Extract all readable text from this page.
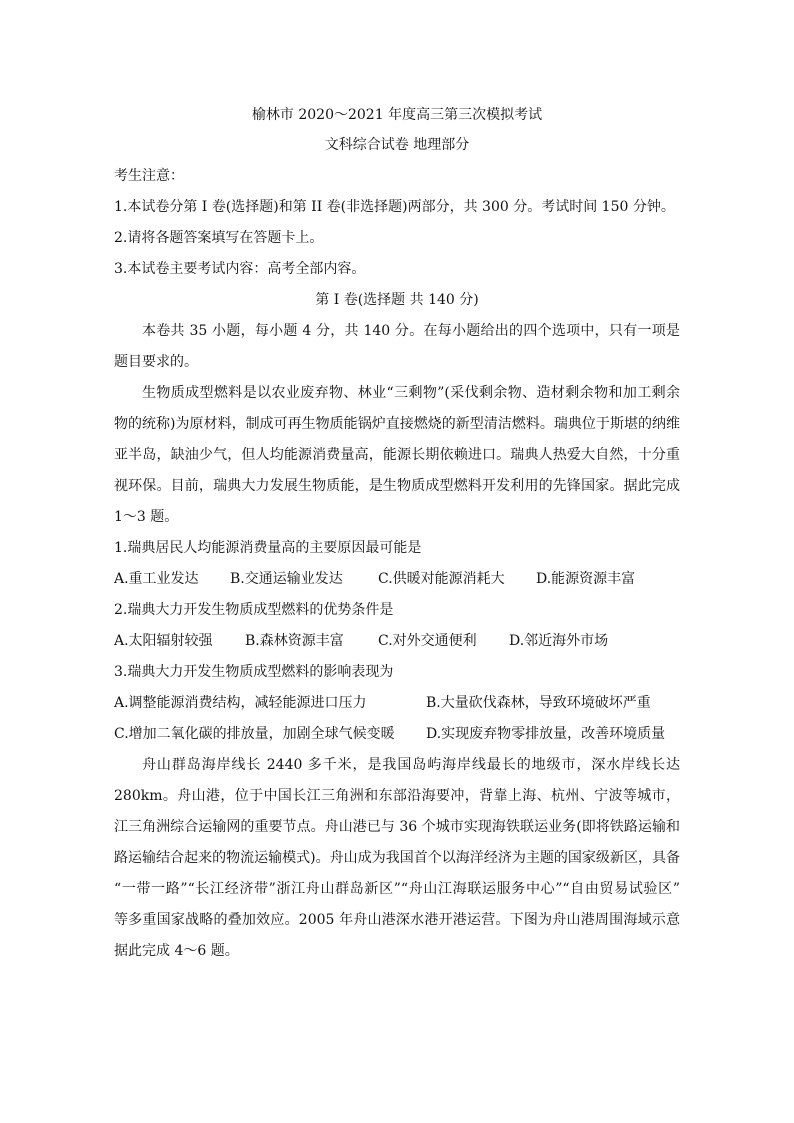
榆林市 2020～2021 年度高三第三次模拟考试
文科综合试卷 地理部分
考生注意：
1.本试卷分第 I 卷(选择题)和第 II 卷(非选择题)两部分，共 300 分。考试时间 150 分钟。
2.请将各题答案填写在答题卡上。
3.本试卷主要考试内容：高考全部内容。
第 I 卷(选择题 共 140 分)
本卷共 35 小题，每小题 4 分，共 140 分。在每小题给出的四个选项中，只有一项是
题目要求的。
生物质成型燃料是以农业废弃物、林业“三剩物”(采伐剩余物、造材剩余物和加工剩余
物的统称)为原材料，制成可再生物质能锅炉直接燃烧的新型清洁燃料。瑞典位于斯堪的纳维
亚半岛，缺油少气，但人均能源消费量高，能源长期依赖进口。瑞典人热爱大自然，十分重
视环保。目前，瑞典大力发展生物质能，是生物质成型燃料开发利用的先锋国家。据此完成
1～3 题。
1.瑞典居民人均能源消费量高的主要原因最可能是
A.重工业发达 B.交通运输业发达	C.供暖对能源消耗大 D.能源资源丰富
2.瑞典大力开发生物质成型燃料的优势条件是
A.太阳辐射较强 B.森林资源丰富 C.对外交通便利 D.邻近海外市场
3.瑞典大力开发生物质成型燃料的影响表现为
A.调整能源消费结构，减轻能源进口压力	B.大量砍伐森林，导致环境破坏严重
C.增加二氧化碳的排放量，加剧全球气候变暖 D.实现废弃物零排放量，改善环境质量
舟山群岛海岸线长 2440 多千米，是我国岛屿海岸线最长的地级市，深水岸线长达
280km。舟山港，位于中国长江三角洲和东部沿海要冲，背靠上海、杭州、宁波等城市，
江三角洲综合运输网的重要节点。舟山港已与 36 个城市实现海铁联运业务(即将铁路运输和
路运输结合起来的物流运输模式)。舟山成为我国首个以海洋经济为主题的国家级新区，具备
“一带一路”“长江经济带”浙江舟山群岛新区”“舟山江海联运服务中心”“自由贸易试验区”
等多重国家战略的叠加效应。2005 年舟山港深水港开港运营。下图为舟山港周围海域示意
据此完成 4～6 题。
